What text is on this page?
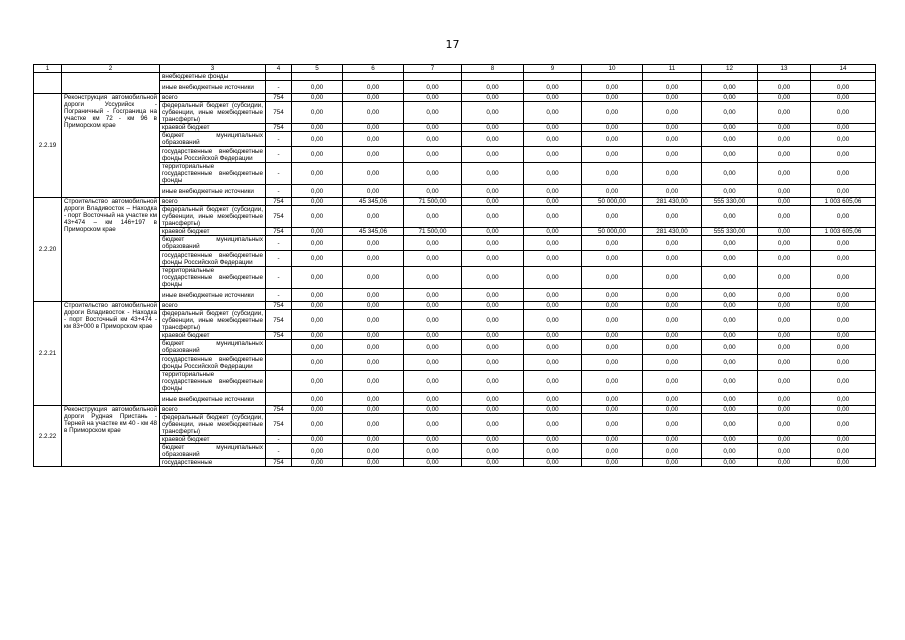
17
1	2	3	4	5	6	7	8	9	10	11	12	13	14
		внебюджетные фонды											
		иные внебюджетные источники	-	0,00	0,00	0,00	0,00	0,00	0,00	0,00	0,00	0,00	0,00
2.2.19	Реконструкция автомобильной дороги Уссурийск - Пограничный - Госграница на участке км 72 - км 96 в Приморском крае	всего	754	0,00	0,00	0,00	0,00	0,00	0,00	0,00	0,00	0,00	0,00
		федеральный бюджет (субсидии, субвенции, иные межбюджетные трансферты)	754	0,00	0,00	0,00	0,00	0,00	0,00	0,00	0,00	0,00	0,00
		краевой бюджет	754	0,00	0,00	0,00	0,00	0,00	0,00	0,00	0,00	0,00	0,00
		бюджет муниципальных образований	-	0,00	0,00	0,00	0,00	0,00	0,00	0,00	0,00	0,00	0,00
		государственные внебюджетные фонды Российской Федерации	-	0,00	0,00	0,00	0,00	0,00	0,00	0,00	0,00	0,00	0,00
		территориальные государственные внебюджетные фонды	-	0,00	0,00	0,00	0,00	0,00	0,00	0,00	0,00	0,00	0,00
		иные внебюджетные источники	-	0,00	0,00	0,00	0,00	0,00	0,00	0,00	0,00	0,00	0,00
2.2.20	Строительство автомобильной дороги Владивосток – Находка - порт Восточный на участке км 43+474 – км 146+197 в Приморском крае	всего	754	0,00	45 345,06	71 500,00	0,00	0,00	50 000,00	281 430,00	555 330,00	0,00	1 003 605,06
		федеральный бюджет (субсидии, субвенции, иные межбюджетные трансферты)	754	0,00	0,00	0,00	0,00	0,00	0,00	0,00	0,00	0,00	0,00
		краевой бюджет	754	0,00	45 345,06	71 500,00	0,00	0,00	50 000,00	281 430,00	555 330,00	0,00	1 003 605,06
		бюджет муниципальных образований	-	0,00	0,00	0,00	0,00	0,00	0,00	0,00	0,00	0,00	0,00
		государственные внебюджетные фонды Российской Федерации	-	0,00	0,00	0,00	0,00	0,00	0,00	0,00	0,00	0,00	0,00
		территориальные государственные внебюджетные фонды	-	0,00	0,00	0,00	0,00	0,00	0,00	0,00	0,00	0,00	0,00
		иные внебюджетные источники	-	0,00	0,00	0,00	0,00	0,00	0,00	0,00	0,00	0,00	0,00
2.2.21	Строительство автомобильной дороги Владивосток - Находка - порт Восточный км 43+474 - км 83+000 в Приморском крае	всего	754	0,00	0,00	0,00	0,00	0,00	0,00	0,00	0,00	0,00	0,00
		федеральный бюджет (субсидии, субвенции, иные межбюджетные трансферты)	754	0,00	0,00	0,00	0,00	0,00	0,00	0,00	0,00	0,00	0,00
		краевой бюджет	754	0,00	0,00	0,00	0,00	0,00	0,00	0,00	0,00	0,00	0,00
		бюджет муниципальных образований		0,00	0,00	0,00	0,00	0,00	0,00	0,00	0,00	0,00	0,00
		государственные внебюджетные фонды Российской Федерации		0,00	0,00	0,00	0,00	0,00	0,00	0,00	0,00	0,00	0,00
		территориальные государственные внебюджетные фонды		0,00	0,00	0,00	0,00	0,00	0,00	0,00	0,00	0,00	0,00
		иные внебюджетные источники		0,00	0,00	0,00	0,00	0,00	0,00	0,00	0,00	0,00	0,00
2.2.22	Реконструкция автомобильной дороги Рудная Пристань - Терней на участке км 40 - км 48 в Приморском крае	всего	754	0,00	0,00	0,00	0,00	0,00	0,00	0,00	0,00	0,00	0,00
		федеральный бюджет (субсидии, субвенции, иные межбюджетные трансферты)	754	0,00	0,00	0,00	0,00	0,00	0,00	0,00	0,00	0,00	0,00
		краевой бюджет	-	0,00	0,00	0,00	0,00	0,00	0,00	0,00	0,00	0,00	0,00
		бюджет муниципальных образований	-	0,00	0,00	0,00	0,00	0,00	0,00	0,00	0,00	0,00	0,00
		государственные	754	0,00	0,00	0,00	0,00	0,00	0,00	0,00	0,00	0,00	0,00
